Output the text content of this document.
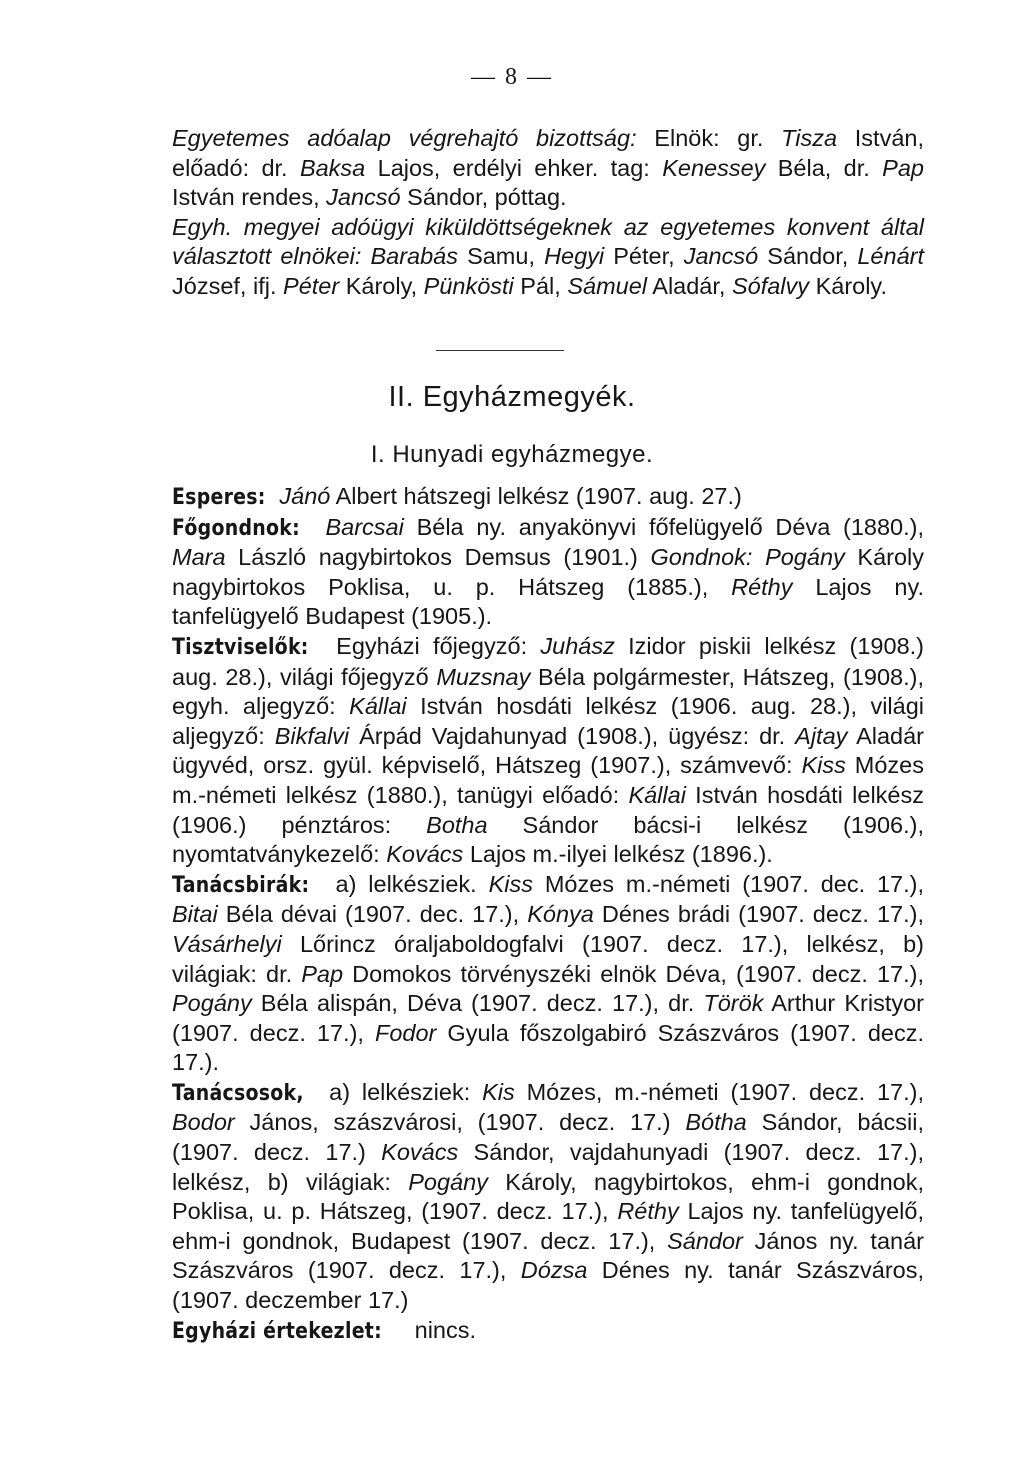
— 8 —

Egyetemes adóalap végrehajtó bizottság: Elnök: gr. Tisza István, előadó: dr. Baksa Lajos, erdélyi ehker. tag: Kenessey Béla, dr. Pap István rendes, Jancsó Sándor, póttag.

Egyh. megyei adóügyi kiküldöttségeknek az egyetemes konvent által választott elnökei: Barabás Samu, Hegyi Péter, Jancsó Sándor, Lénárt József, ifj. Péter Károly, Pünkösti Pál, Sámuel Aladár, Sófalvy Károly.

II. Egyházmegyék.
I. Hunyadi egyházmegye.

Esperes: Jánó Albert hátszegi lelkész (1907. aug. 27.)

Főgondnok: Barcsai Béla ny. anyakönyvi főfelügyelő Déva (1880.), Mara László nagybirtokos Demsus (1901.) Gondnok: Pogány Károly nagybirtokos Poklisa, u. p. Hátszeg (1885.), Réthy Lajos ny. tanfelügyelő Budapest (1905.).

Tisztviselők: Egyházi főjegyző: Juhász Izidor piskii lelkész (1908.) aug. 28.), világi főjegyző Muzsnay Béla polgármester, Hátszeg, (1908.), egyh. aljegyző: Kállai István hosdáti lelkész (1906. aug. 28.), világi aljegyző: Bikfalvi Árpád Vajdahunyad (1908.), ügyész: dr. Ajtay Aladár ügyvéd, orsz. gyül. képviselő, Hátszeg (1907.), számvevő: Kiss Mózes m.-németi lelkész (1880.), tanügyi előadó: Kállai István hosdáti lelkész (1906.) pénztáros: Botha Sándor bácsi-i lelkész (1906.), nyomtatványkezelő: Kovács Lajos m.-ilyei lelkész (1896.).

Tanácsbirák: a) lelkésziek. Kiss Mózes m.-németi (1907. dec. 17.), Bitai Béla dévai (1907. dec. 17.), Kónya Dénes brádi (1907. decz. 17.), Vásárhelyi Lőrincz óraljaboldogfalvi (1907. decz. 17.), lelkész, b) világiak: dr. Pap Domokos törvényszéki elnök Déva, (1907. decz. 17.), Pogány Béla alispán, Déva (1907. decz. 17.), dr. Török Arthur Kristyor (1907. decz. 17.), Fodor Gyula főszolgabiró Szászváros (1907. decz. 17.).

Tanácsosok, a) lelkésziek: Kis Mózes, m.-németi (1907. decz. 17.), Bodor János, szászvárosi, (1907. decz. 17.) Bótha Sándor, bácsii, (1907. decz. 17.) Kovács Sándor, vajdahunyadi (1907. decz. 17.), lelkész, b) világiak: Pogány Károly, nagybirtokos, ehm-i gondnok, Poklisa, u. p. Hátszeg, (1907. decz. 17.), Réthy Lajos ny. tanfelügyelő, ehm-i gondnok, Budapest (1907. decz. 17.), Sándor János ny. tanár Szászváros (1907. decz. 17.), Dózsa Dénes ny. tanár Szászváros, (1907. deczember 17.)

Egyházi értekezlet: nincs.
